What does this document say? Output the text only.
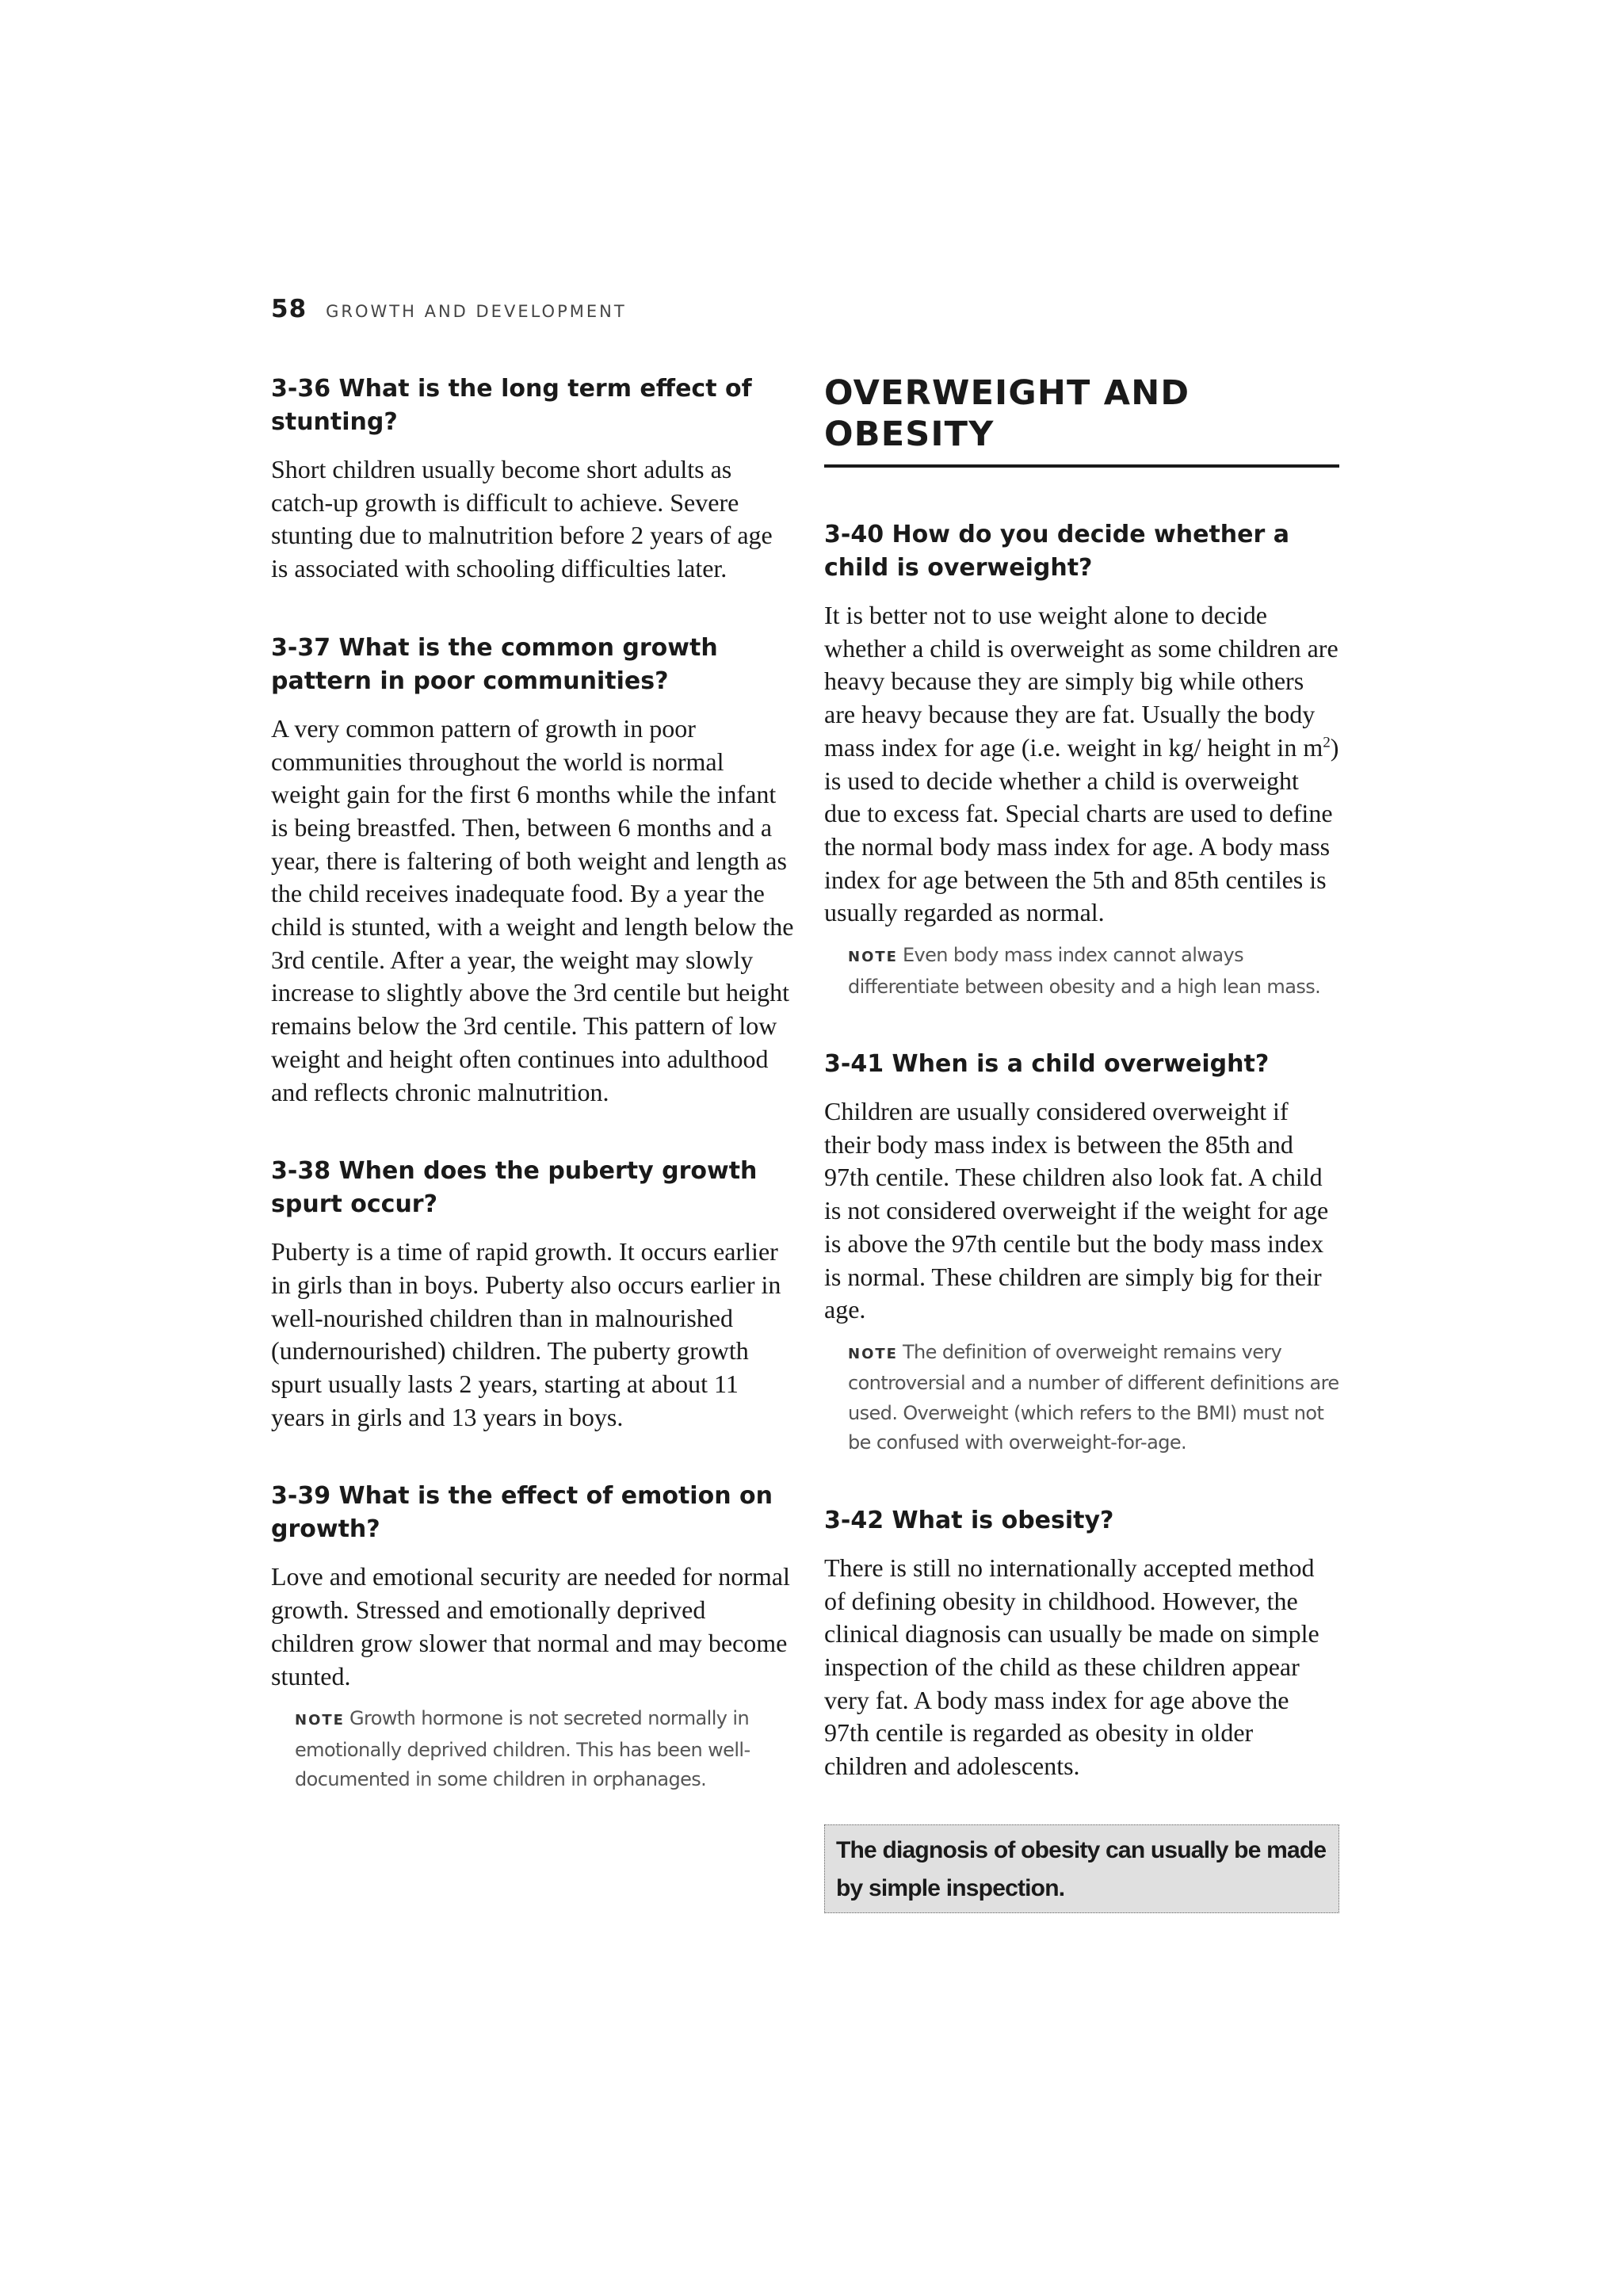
58 GROWTH AND DEVELOPMENT
3-36 What is the long term effect of stunting?

Short children usually become short adults as catch-up growth is difficult to achieve. Severe stunting due to malnutrition before 2 years of age is associated with schooling difficulties later.

3-37 What is the common growth pattern in poor communities?

A very common pattern of growth in poor communities throughout the world is normal weight gain for the first 6 months while the infant is being breastfed. Then, between 6 months and a year, there is faltering of both weight and length as the child receives inadequate food. By a year the child is stunted, with a weight and length below the 3rd centile. After a year, the weight may slowly increase to slightly above the 3rd centile but height remains below the 3rd centile. This pattern of low weight and height often continues into adulthood and reflects chronic malnutrition.

3-38 When does the puberty growth spurt occur?

Puberty is a time of rapid growth. It occurs earlier in girls than in boys. Puberty also occurs earlier in well-nourished children than in malnourished (undernourished) children. The puberty growth spurt usually lasts 2 years, starting at about 11 years in girls and 13 years in boys.

3-39 What is the effect of emotion on growth?

Love and emotional security are needed for normal growth. Stressed and emotionally deprived children grow slower that normal and may become stunted.

NOTE Growth hormone is not secreted normally in emotionally deprived children. This has been well-documented in some children in orphanages.
OVERWEIGHT AND OBESITY
3-40 How do you decide whether a child is overweight?

It is better not to use weight alone to decide whether a child is overweight as some children are heavy because they are simply big while others are heavy because they are fat. Usually the body mass index for age (i.e. weight in kg/ height in $m^2$) is used to decide whether a child is overweight due to excess fat. Special charts are used to define the normal body mass index for age. A body mass index for age between the 5th and 85th centiles is usually regarded as normal.

NOTE Even body mass index cannot always differentiate between obesity and a high lean mass.
3-41 When is a child overweight?

Children are usually considered overweight if their body mass index is between the 85th and 97th centile. These children also look fat. A child is not considered overweight if the weight for age is above the 97th centile but the body mass index is normal. These children are simply big for their age.

NOTE The definition of overweight remains very controversial and a number of different definitions are used. Overweight (which refers to the BMI) must not be confused with overweight-for-age.
3-42 What is obesity?

There is still no internationally accepted method of defining obesity in childhood. However, the clinical diagnosis can usually be made on simple inspection of the child as these children appear very fat. A body mass index for age above the 97th centile is regarded as obesity in older children and adolescents.

The diagnosis of obesity can usually be made by simple inspection.
